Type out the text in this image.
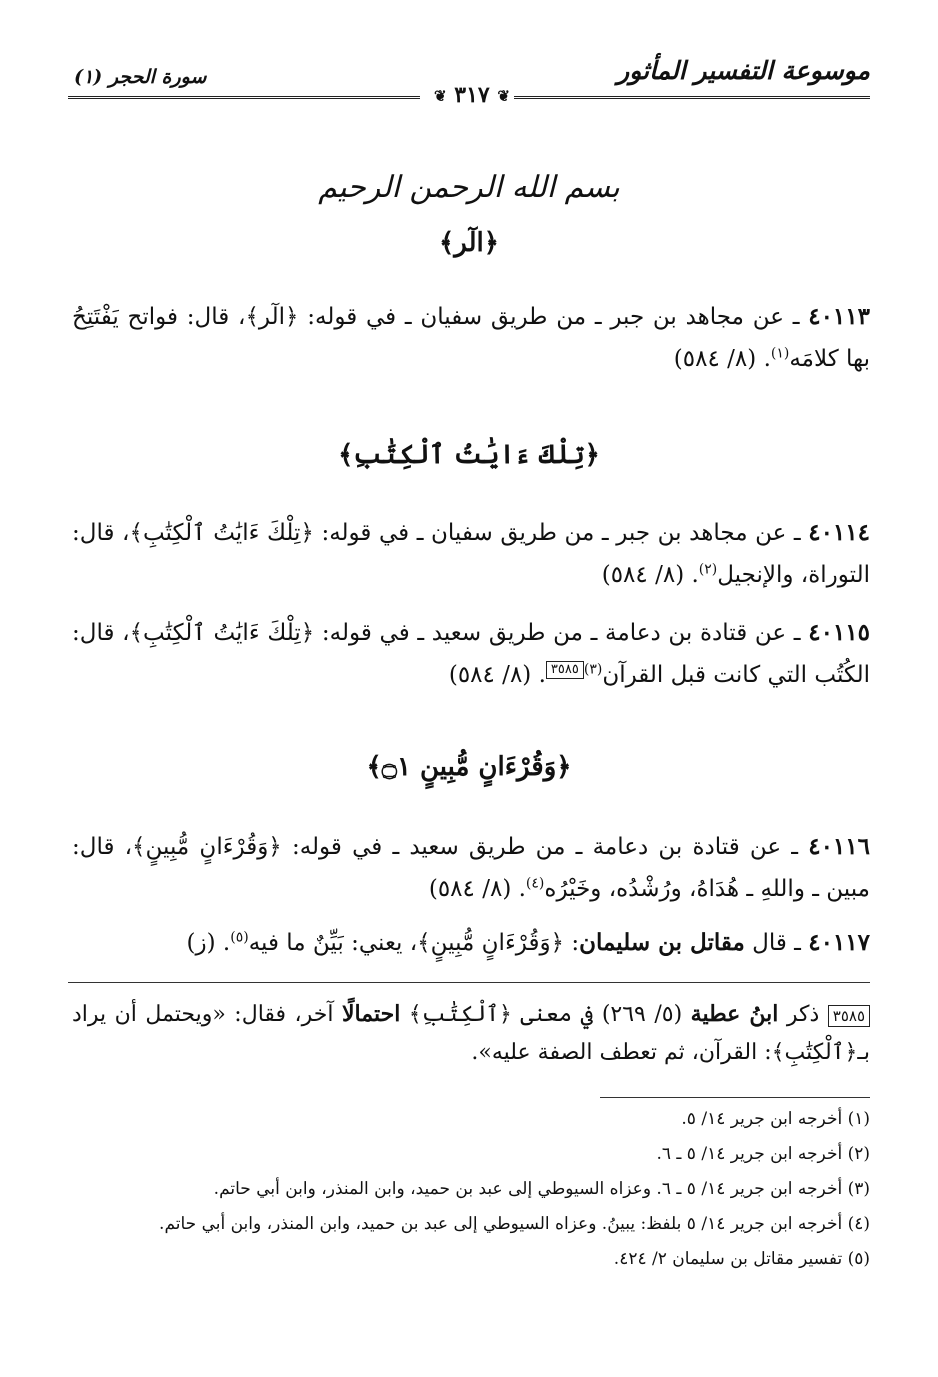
موسوعة التفسير المأثور
سورة الحجر (١)
❦ ٣١٧ ❦
بسم الله الرحمن الرحيم
﴿الٓر﴾
٤٠١١٣ ـ عن مجاهد بن جبر ـ من طريق سفيان ـ في قوله: ﴿الٓر﴾، قال: فواتح يَفْتَتِحُ بها كلامَه$^{(١)}$. (٨/ ٥٨٤)
﴿تِلْكَ ءَايَٰتُ ٱلْكِتَٰبِ﴾
٤٠١١٤ ـ عن مجاهد بن جبر ـ من طريق سفيان ـ في قوله: ﴿تِلْكَ ءَايَٰتُ ٱلْكِتَٰبِ﴾، قال: التوراة، والإنجيل$^{(٢)}$. (٨/ ٥٨٤)
٤٠١١٥ ـ عن قتادة بن دعامة ـ من طريق سعيد ـ في قوله: ﴿تِلْكَ ءَايَٰتُ ٱلْكِتَٰبِ﴾، قال: الكُتُب التي كانت قبل القرآن$^{(٣)}$٣٥٨٥. (٨/ ٥٨٤)
﴿وَقُرْءَانٍ مُّبِينٍ ۝١﴾
٤٠١١٦ ـ عن قتادة بن دعامة ـ من طريق سعيد ـ في قوله: ﴿وَقُرْءَانٍ مُّبِينٍ﴾، قال: مبين ـ واللهِ ـ هُدَاهُ، ورُشْدُه، وخَيْرُه$^{(٤)}$. (٨/ ٥٨٤)
٤٠١١٧ ـ قال مقاتل بن سليمان: ﴿وَقُرْءَانٍ مُّبِينٍ﴾، يعني: بَيِّنٌ ما فيه$^{(٥)}$. (ز)
٣٥٨٥ ذكر ابنُ عطية (٥/ ٢٦٩) في معنى ﴿ٱلْكِتَٰبِ﴾ احتمالًا آخر، فقال: «ويحتمل أن يراد بـ﴿ٱلْكِتَٰبِ﴾: القرآن، ثم تعطف الصفة عليه».

(١) أخرجه ابن جرير ١٤/ ٥.

(٢) أخرجه ابن جرير ١٤/ ٥ ـ ٦.

(٣) أخرجه ابن جرير ١٤/ ٥ ـ ٦. وعزاه السيوطي إلى عبد بن حميد، وابن المنذر، وابن أبي حاتم.

(٤) أخرجه ابن جرير ١٤/ ٥ بلفظ: يبينُ. وعزاه السيوطي إلى عبد بن حميد، وابن المنذر، وابن أبي حاتم.

(٥) تفسير مقاتل بن سليمان ٢/ ٤٢٤.
